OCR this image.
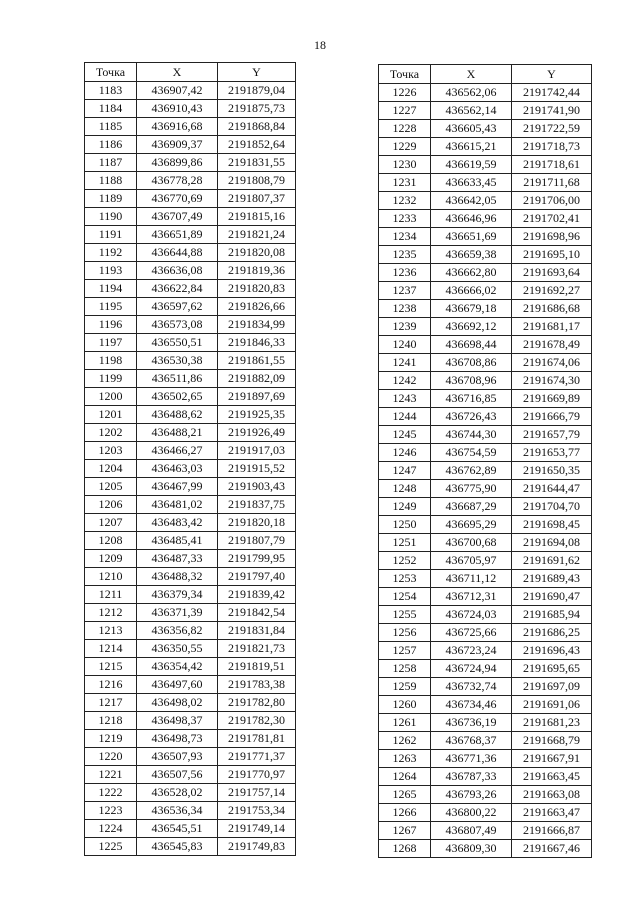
18
Точка	X	Y
1183	436907,42	2191879,04
1184	436910,43	2191875,73
1185	436916,68	2191868,84
1186	436909,37	2191852,64
1187	436899,86	2191831,55
1188	436778,28	2191808,79
1189	436770,69	2191807,37
1190	436707,49	2191815,16
1191	436651,89	2191821,24
1192	436644,88	2191820,08
1193	436636,08	2191819,36
1194	436622,84	2191820,83
1195	436597,62	2191826,66
1196	436573,08	2191834,99
1197	436550,51	2191846,33
1198	436530,38	2191861,55
1199	436511,86	2191882,09
1200	436502,65	2191897,69
1201	436488,62	2191925,35
1202	436488,21	2191926,49
1203	436466,27	2191917,03
1204	436463,03	2191915,52
1205	436467,99	2191903,43
1206	436481,02	2191837,75
1207	436483,42	2191820,18
1208	436485,41	2191807,79
1209	436487,33	2191799,95
1210	436488,32	2191797,40
1211	436379,34	2191839,42
1212	436371,39	2191842,54
1213	436356,82	2191831,84
1214	436350,55	2191821,73
1215	436354,42	2191819,51
1216	436497,60	2191783,38
1217	436498,02	2191782,80
1218	436498,37	2191782,30
1219	436498,73	2191781,81
1220	436507,93	2191771,37
1221	436507,56	2191770,97
1222	436528,02	2191757,14
1223	436536,34	2191753,34
1224	436545,51	2191749,14
1225	436545,83	2191749,83
Точка	X	Y
1226	436562,06	2191742,44
1227	436562,14	2191741,90
1228	436605,43	2191722,59
1229	436615,21	2191718,73
1230	436619,59	2191718,61
1231	436633,45	2191711,68
1232	436642,05	2191706,00
1233	436646,96	2191702,41
1234	436651,69	2191698,96
1235	436659,38	2191695,10
1236	436662,80	2191693,64
1237	436666,02	2191692,27
1238	436679,18	2191686,68
1239	436692,12	2191681,17
1240	436698,44	2191678,49
1241	436708,86	2191674,06
1242	436708,96	2191674,30
1243	436716,85	2191669,89
1244	436726,43	2191666,79
1245	436744,30	2191657,79
1246	436754,59	2191653,77
1247	436762,89	2191650,35
1248	436775,90	2191644,47
1249	436687,29	2191704,70
1250	436695,29	2191698,45
1251	436700,68	2191694,08
1252	436705,97	2191691,62
1253	436711,12	2191689,43
1254	436712,31	2191690,47
1255	436724,03	2191685,94
1256	436725,66	2191686,25
1257	436723,24	2191696,43
1258	436724,94	2191695,65
1259	436732,74	2191697,09
1260	436734,46	2191691,06
1261	436736,19	2191681,23
1262	436768,37	2191668,79
1263	436771,36	2191667,91
1264	436787,33	2191663,45
1265	436793,26	2191663,08
1266	436800,22	2191663,47
1267	436807,49	2191666,87
1268	436809,30	2191667,46
